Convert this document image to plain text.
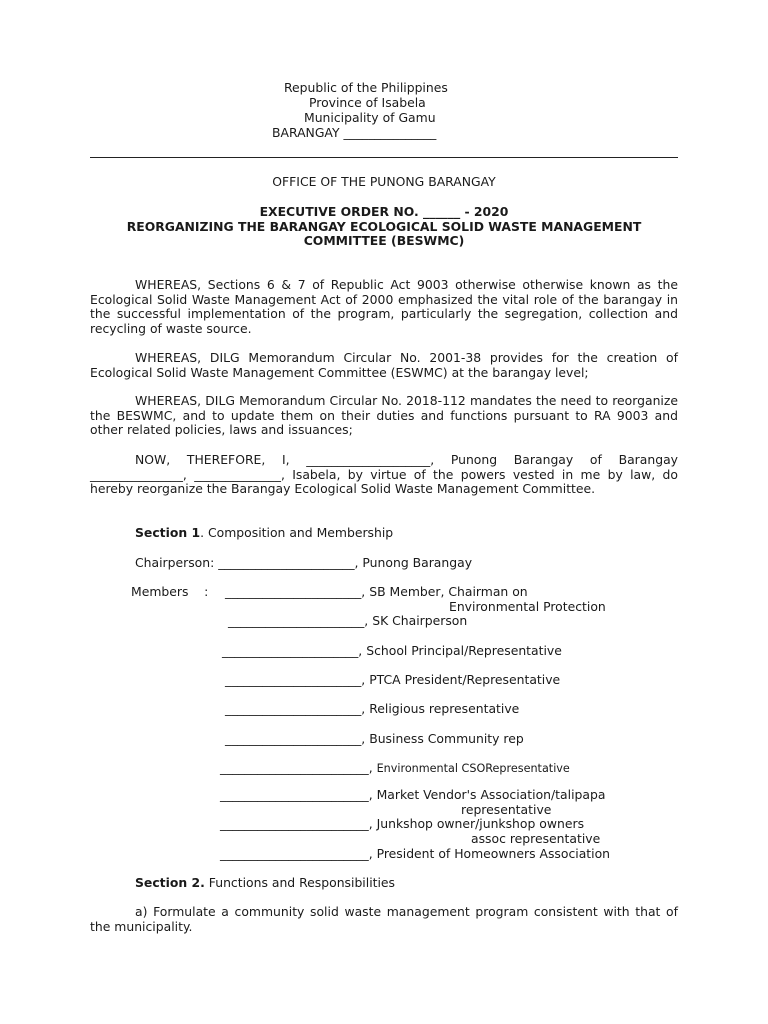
Republic of the Philippines
Province of Isabela
Municipality of Gamu
BARANGAY _______________
OFFICE OF THE PUNONG BARANGAY
EXECUTIVE ORDER NO. ______ - 2020
REORGANIZING THE BARANGAY ECOLOGICAL SOLID WASTE MANAGEMENT
COMMITTEE (BESWMC)
WHEREAS, Sections 6 & 7 of Republic Act 9003 otherwise otherwise known as the Ecological Solid Waste Management Act of 2000 emphasized the vital role of the barangay in the successful implementation of the program, particularly the segregation, collection and recycling of waste source.
WHEREAS, DILG Memorandum Circular No. 2001-38 provides for the creation of Ecological Solid Waste Management Committee (ESWMC) at the barangay level;
WHEREAS, DILG Memorandum Circular No. 2018-112 mandates the need to reorganize the BESWMC, and to update them on their duties and functions pursuant to RA 9003 and other related policies, laws and issuances;
NOW, THEREFORE, I, ____________________, Punong Barangay of Barangay _______________, ______________, Isabela, by virtue of the powers vested in me by law, do hereby reorganize the Barangay Ecological Solid Waste Management Committee.
Section 1. Composition and Membership
Chairperson: ______________________, Punong Barangay
Members    : ______________________, SB Member, Chairman on
Environmental Protection
______________________, SK Chairperson
______________________, School Principal/Representative
______________________, PTCA President/Representative
______________________, Religious representative
______________________, Business Community rep
________________________, Environmental CSORepresentative
________________________, Market Vendor's Association/talipapa
representative
________________________, Junkshop owner/junkshop owners
assoc representative
________________________, President of Homeowners Association
Section 2. Functions and Responsibilities
a) Formulate a community solid waste management program consistent with that of the municipality.
